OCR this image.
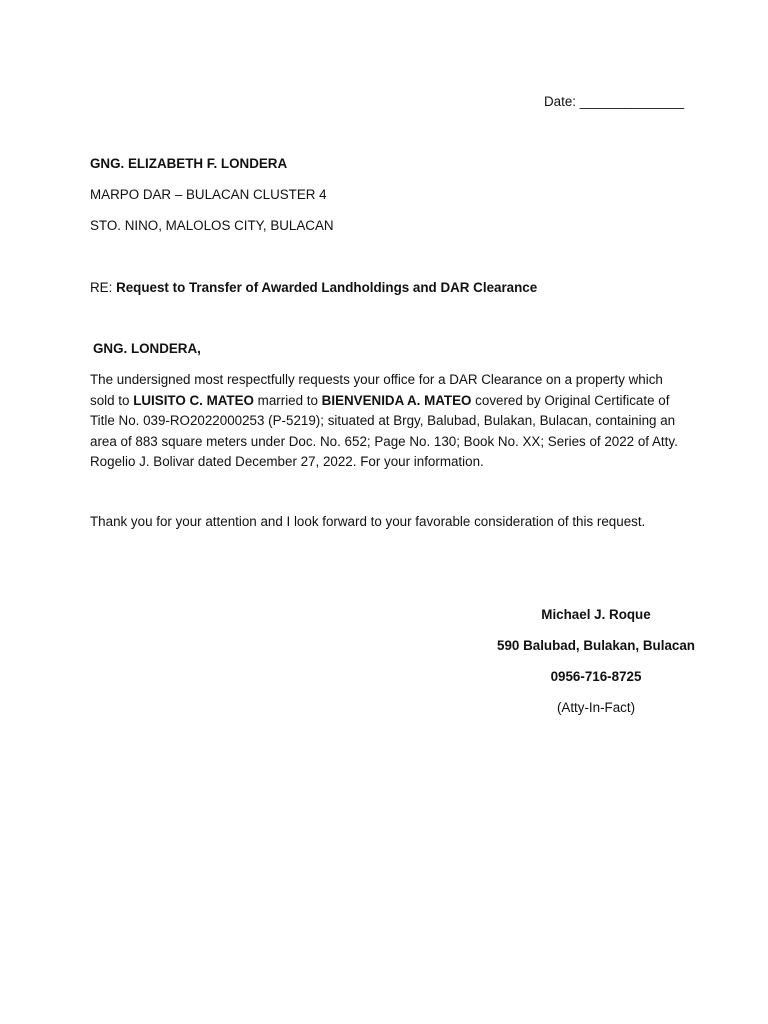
Date: ______________
GNG. ELIZABETH F. LONDERA
MARPO DAR – BULACAN CLUSTER 4
STO. NINO, MALOLOS CITY, BULACAN
RE: Request to Transfer of Awarded Landholdings and DAR Clearance
GNG. LONDERA,
The undersigned most respectfully requests your office for a DAR Clearance on a property which sold to LUISITO C. MATEO married to BIENVENIDA A. MATEO covered by Original Certificate of Title No. 039-RO2022000253 (P-5219); situated at Brgy, Balubad, Bulakan, Bulacan, containing an area of 883 square meters under Doc. No. 652; Page No. 130; Book No. XX; Series of 2022 of Atty. Rogelio J. Bolivar dated December 27, 2022. For your information.
Thank you for your attention and I look forward to your favorable consideration of this request.
Michael J. Roque
590 Balubad, Bulakan, Bulacan
0956-716-8725
(Atty-In-Fact)
